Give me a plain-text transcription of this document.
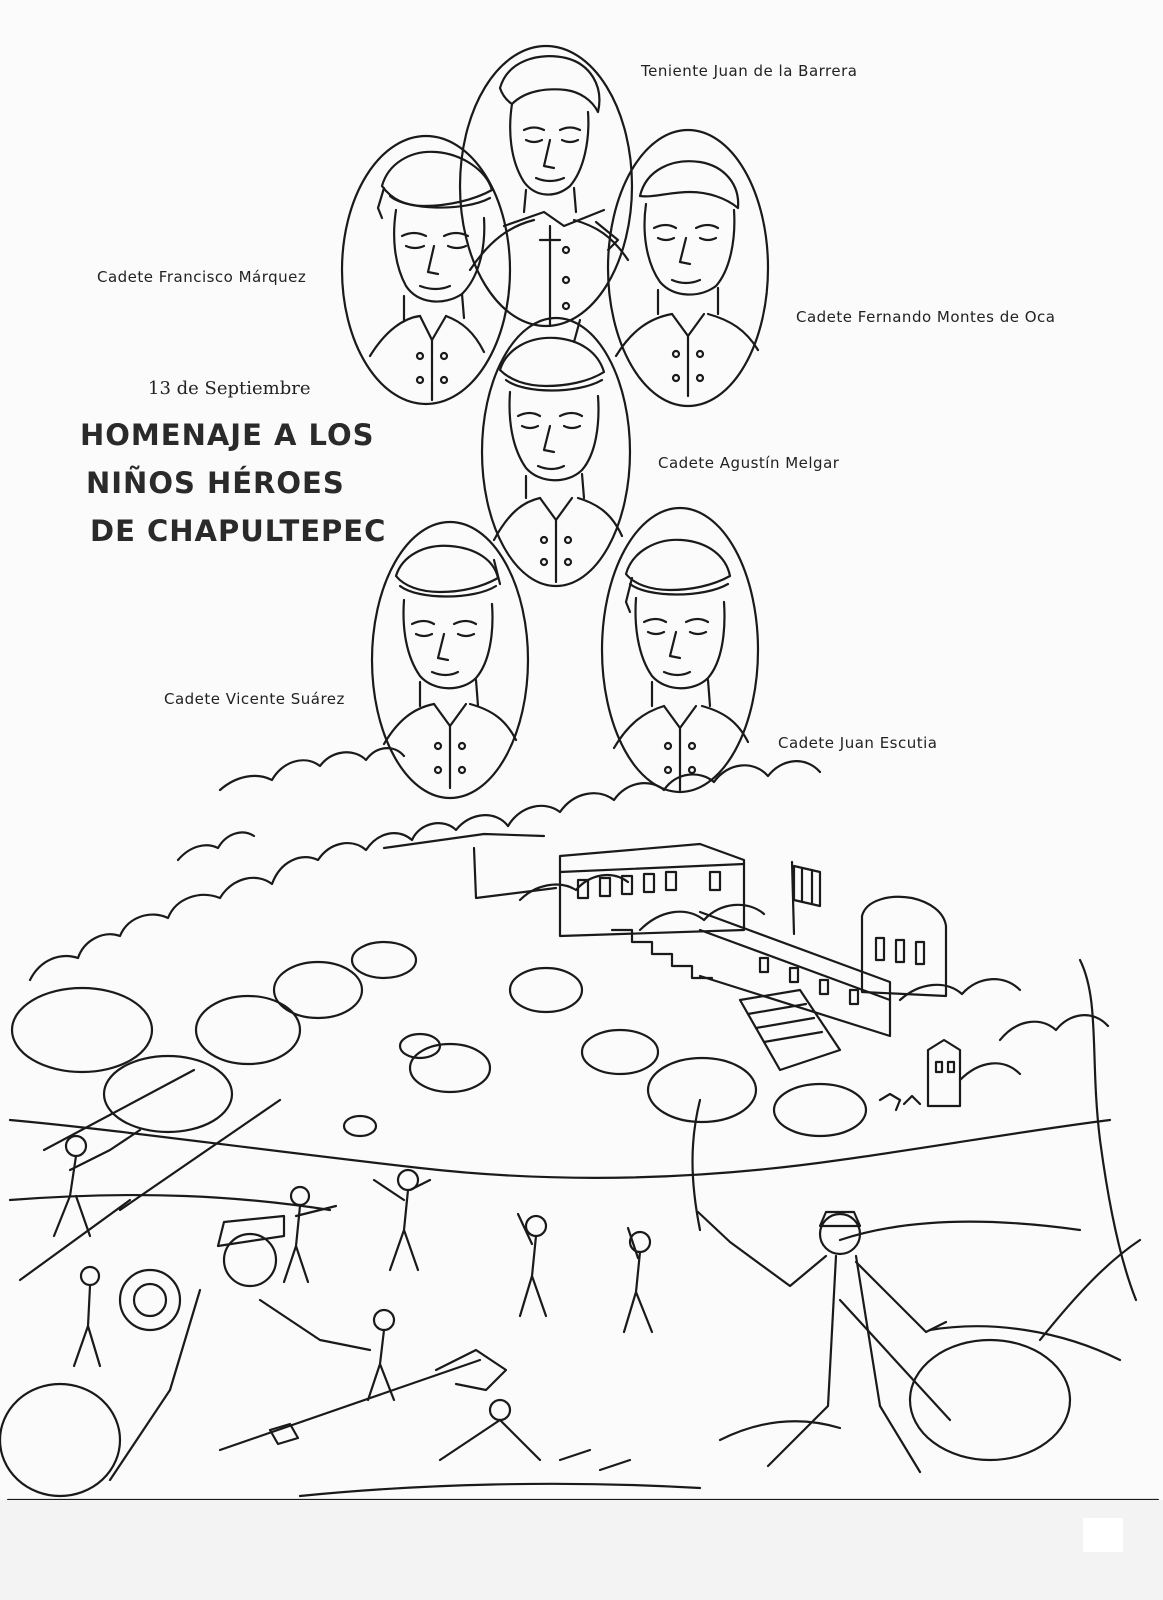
Teniente Juan de la Barrera
Cadete Francisco Márquez
Cadete Fernando Montes de Oca
Cadete Agustín Melgar
Cadete Vicente Suárez
Cadete Juan Escutia
13 de Septiembre
HOMENAJE A LOS
NIÑOS HÉROES
DE CHAPULTEPEC
